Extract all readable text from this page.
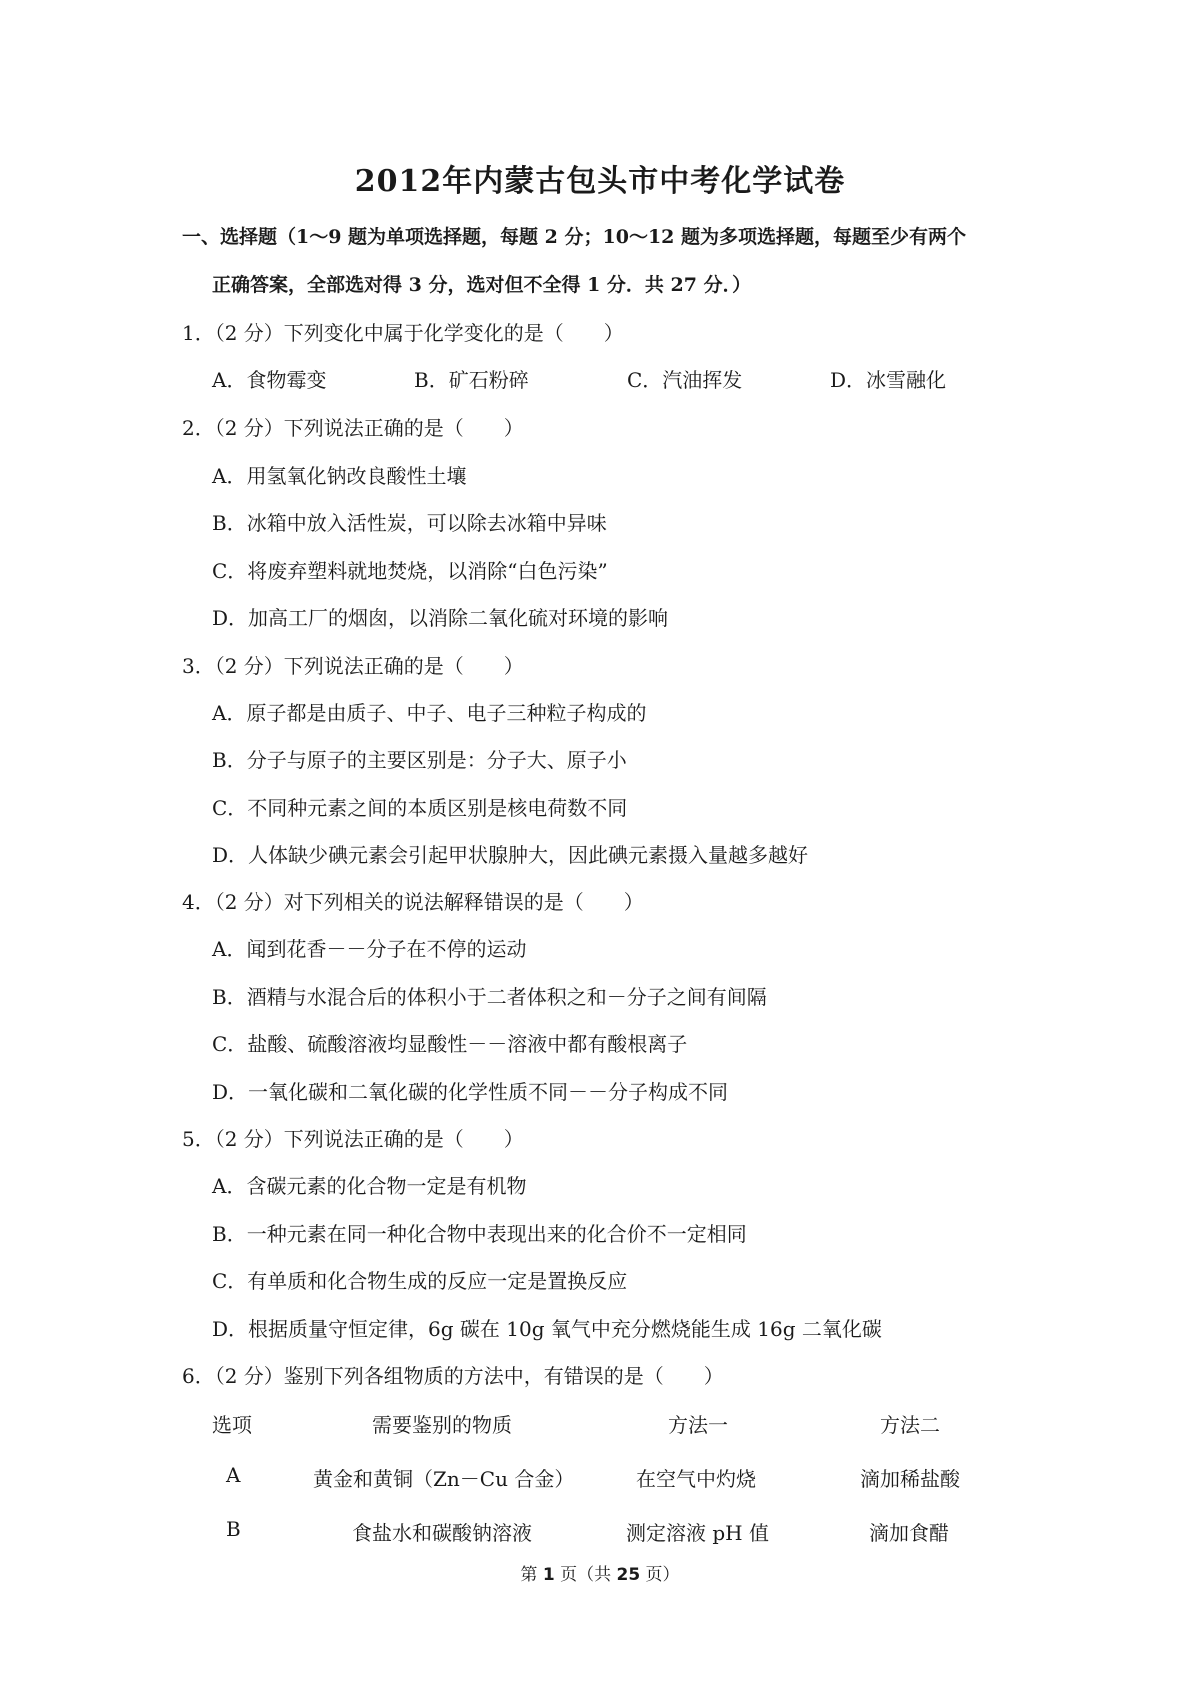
2012年内蒙古包头市中考化学试卷
一、选择题（1～9 题为单项选择题，每题 2 分；10～12 题为多项选择题，每题至少有两个
正确答案，全部选对得 3 分，选对但不全得 1 分．共 27 分．）
1．（2 分）下列变化中属于化学变化的是（　　）
A．食物霉变	B．矿石粉碎	C．汽油挥发	D．冰雪融化
2．（2 分）下列说法正确的是（　　）
A．用氢氧化钠改良酸性土壤
B．冰箱中放入活性炭，可以除去冰箱中异味
C．将废弃塑料就地焚烧，以消除“白色污染”
D．加高工厂的烟囱，以消除二氧化硫对环境的影响
3．（2 分）下列说法正确的是（　　）
A．原子都是由质子、中子、电子三种粒子构成的
B．分子与原子的主要区别是：分子大、原子小
C．不同种元素之间的本质区别是核电荷数不同
D．人体缺少碘元素会引起甲状腺肿大，因此碘元素摄入量越多越好
4．（2 分）对下列相关的说法解释错误的是（　　）
A．闻到花香－－分子在不停的运动
B．酒精与水混合后的体积小于二者体积之和－分子之间有间隔
C．盐酸、硫酸溶液均显酸性－－溶液中都有酸根离子
D．一氧化碳和二氧化碳的化学性质不同－－分子构成不同
5．（2 分）下列说法正确的是（　　）
A．含碳元素的化合物一定是有机物
B．一种元素在同一种化合物中表现出来的化合价不一定相同
C．有单质和化合物生成的反应一定是置换反应
D．根据质量守恒定律，6g 碳在 10g 氧气中充分燃烧能生成 16g 二氧化碳
6．（2 分）鉴别下列各组物质的方法中，有错误的是（　　）
选项	需要鉴别的物质	方法一	方法二
A	黄金和黄铜（Zn－Cu 合金）	在空气中灼烧	滴加稀盐酸
B	食盐水和碳酸钠溶液	测定溶液 pH 值	滴加食醋
第 1 页（共 25 页）
